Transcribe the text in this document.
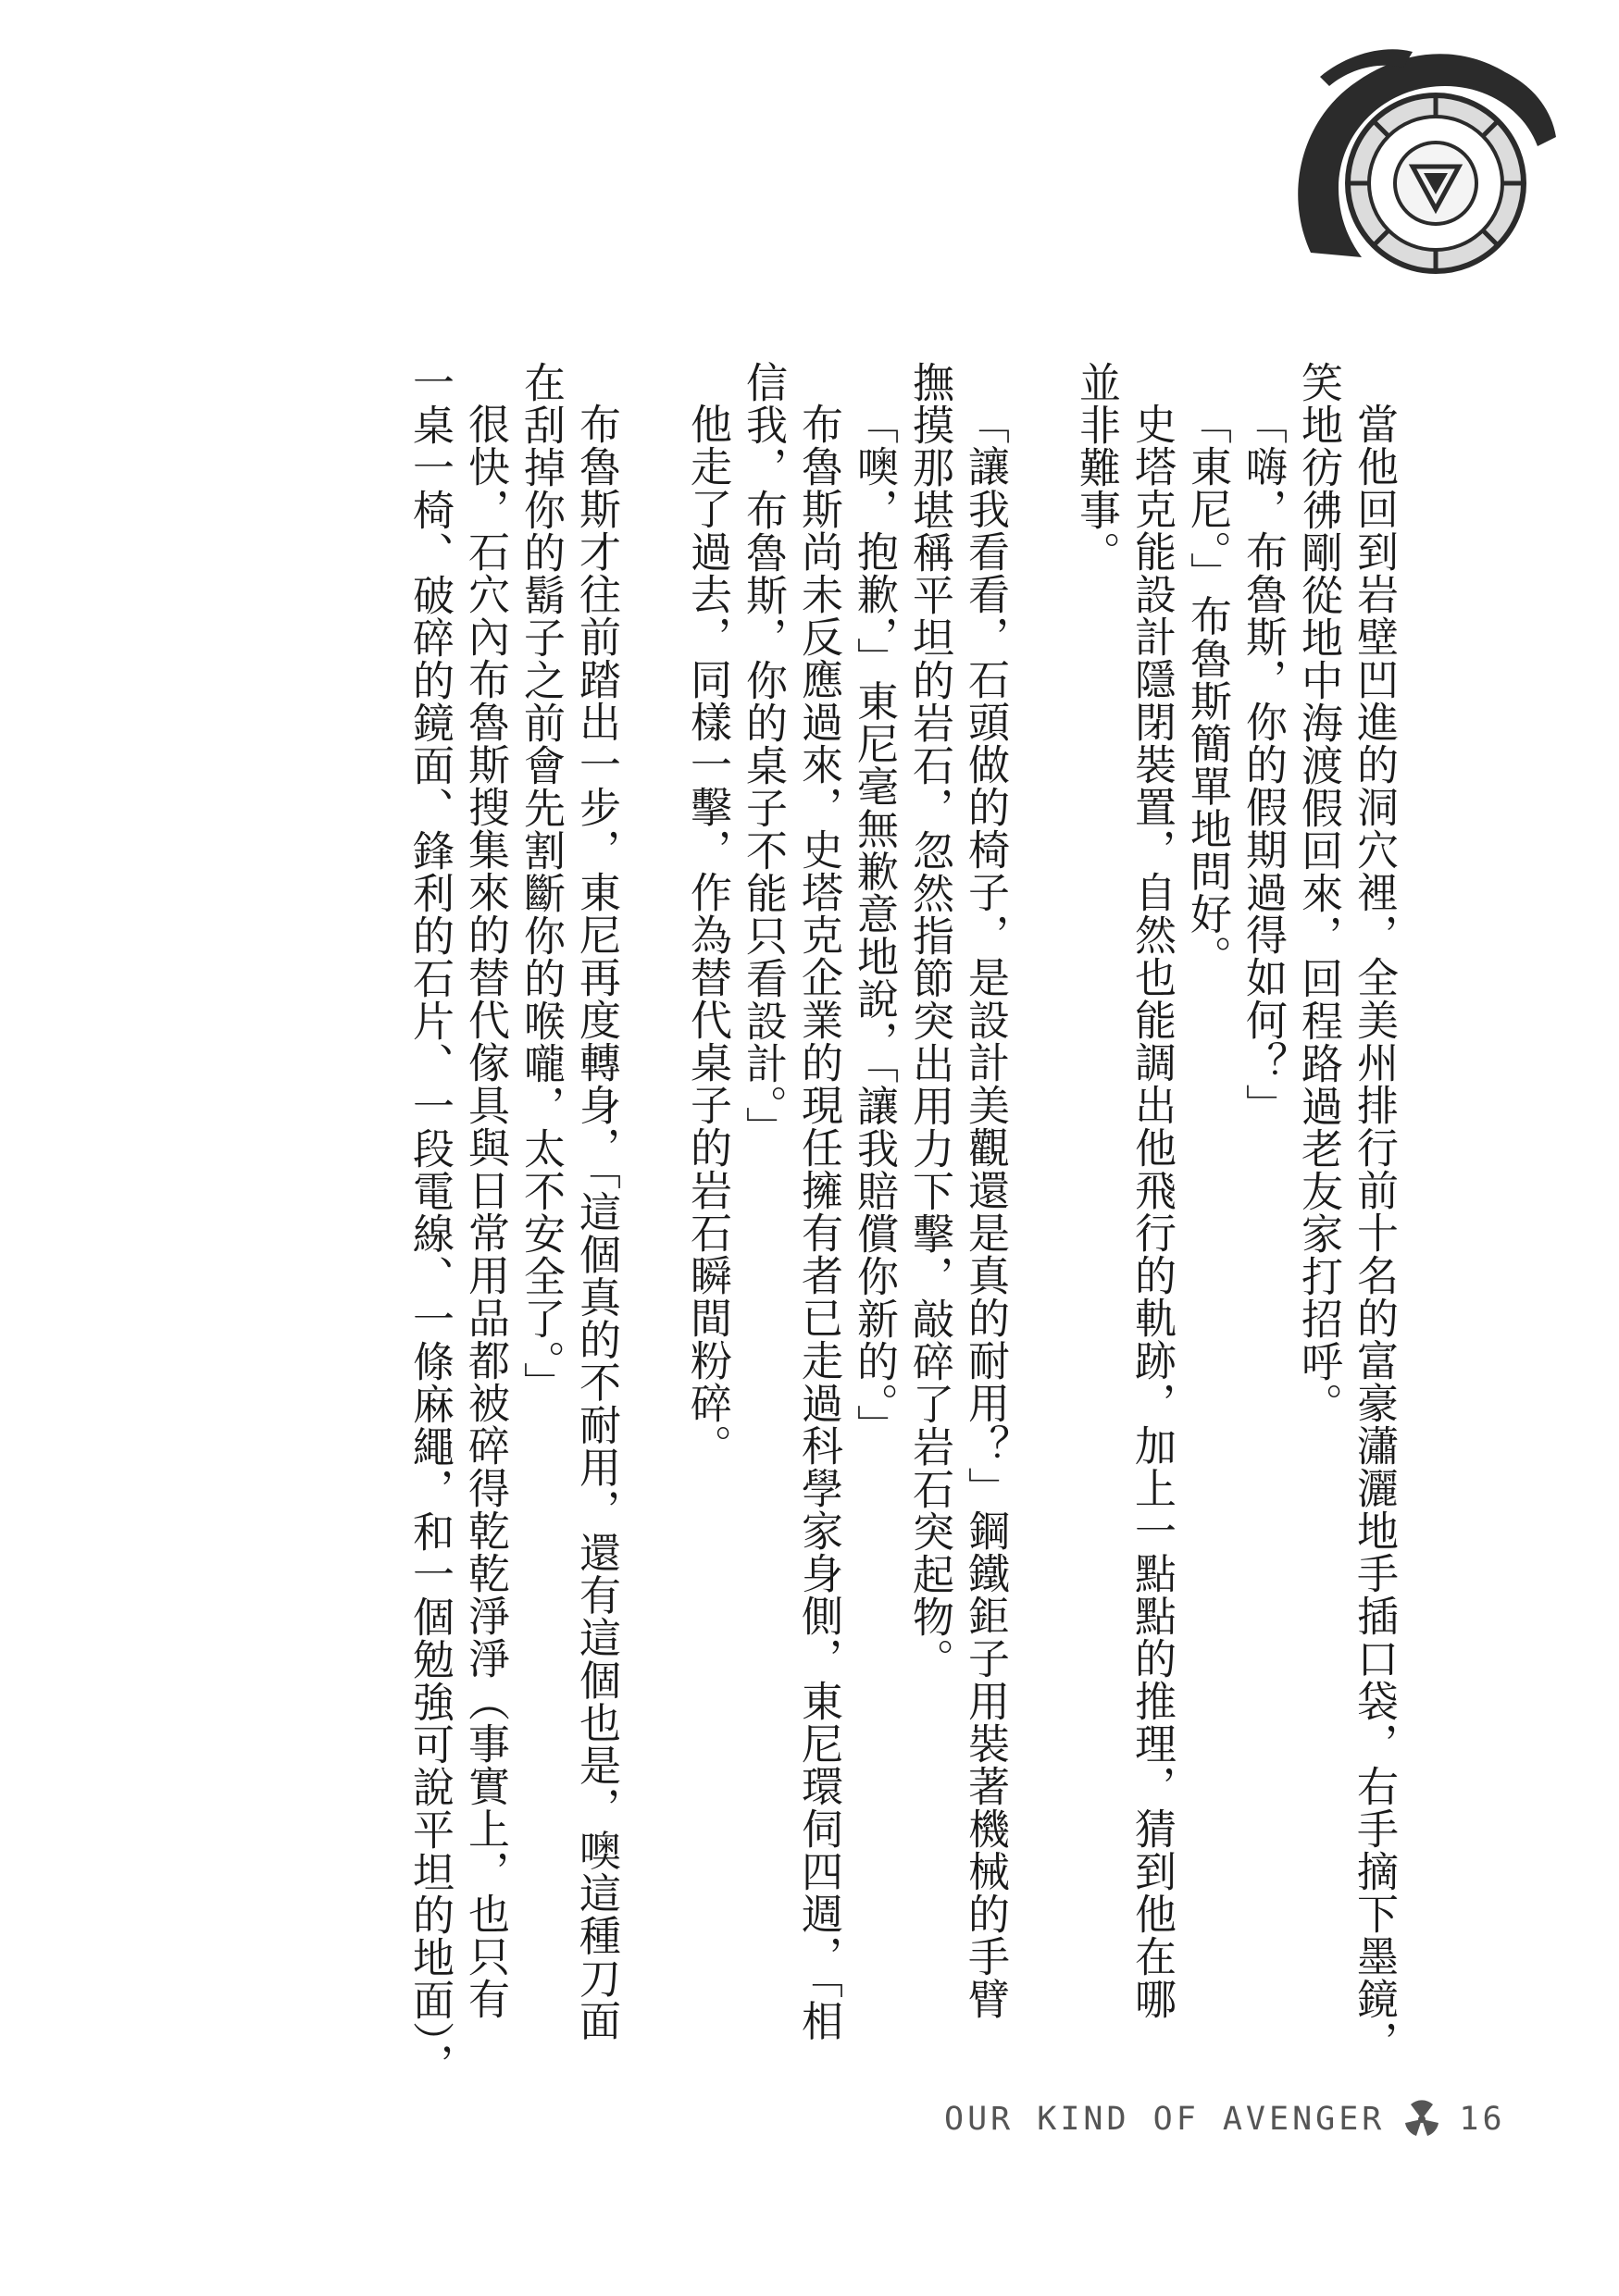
當他回到岩壁凹進的洞穴裡，全美州排行前十名的富豪瀟灑地手插口袋，右手摘下墨鏡，

笑地彷彿剛從地中海渡假回來，回程路過老友家打招呼。

「嗨，布魯斯，你的假期過得如何？」

「東尼。」布魯斯簡單地問好。

史塔克能設計隱閉裝置，自然也能調出他飛行的軌跡，加上一點點的推理，猜到他在哪

並非難事。

「讓我看看，石頭做的椅子，是設計美觀還是真的耐用？」鋼鐵鉅子用裝著機械的手臂

撫摸那堪稱平坦的岩石，忽然指節突出用力下擊，敲碎了岩石突起物。

「噢，抱歉，」東尼毫無歉意地說，「讓我賠償你新的。」

布魯斯尚未反應過來，史塔克企業的現任擁有者已走過科學家身側，東尼環伺四週，「相

信我，布魯斯，你的桌子不能只看設計。」

他走了過去，同樣一擊，作為替代桌子的岩石瞬間粉碎。

布魯斯才往前踏出一步，東尼再度轉身，「這個真的不耐用，還有這個也是，噢這種刀面

在刮掉你的鬍子之前會先割斷你的喉嚨，太不安全了。」

很快，石穴內布魯斯搜集來的替代傢具與日常用品都被碎得乾乾淨淨（事實上，也只有

一桌一椅、破碎的鏡面、鋒利的石片、一段電線、一條麻繩，和一個勉強可說平坦的地面），

OUR KIND OF AVENGER 16
